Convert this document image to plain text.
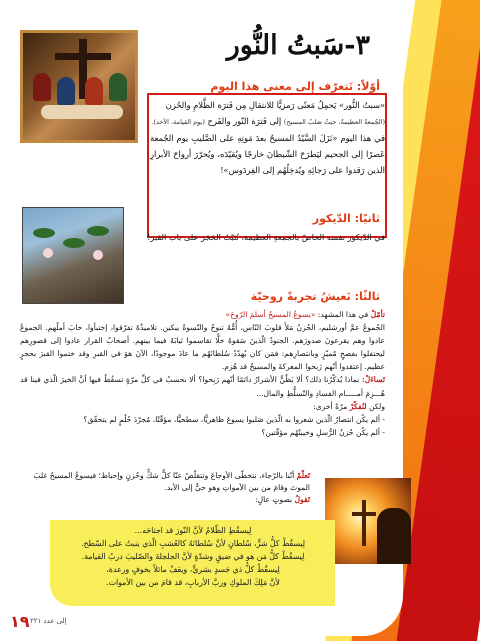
٣-سَبتُ النُّور
أوّلاً: تَتعرّف إلى معنى هذا اليوم
«سبتُ النُّور» يَحمِلُ مَعنًى رَمزيًّا للانتقالِ مِن فَترَة الظَّلامِ والحُزن
(الجُمعةُ العظيمةُ، حيثُ صَلبُ المسيح) إلى فَترَة النّور والفَرح (يوم القيامة، الأحد).
في هذا اليوم «نَزَلَ السَّيّدُ المسيحُ بعدَ مَوتِهِ على الصَّليبِ يوم الجُمعة عَصرًا إلى الجحيم ليَطرَحَ الشّيطانَ خارجًا ويُقيّدَه، ويُحرّرَ أرواحَ الأبرارِ الذين رَقدوا على رَجائِهِ ويُدخِلُهُم إلى الفِردَوس»!
ثانيًا: الدّيكور
في الدّيكور نفسه الخاصّ بالجمعةِ العظيمة، نُثبّتُ الحَجَرَ على باب القبر!
ثالثًا: نَعيشُ تجربةً روحيّة
تأمّلْ في هذا المشهد: «يسوعُ المسيحُ أسلمَ الرّوحَ»
الجُموعُ عمَّ أورشليم، الحُزنُ مَلأَ قلوبَ النّاس، أُمُّهُ تنوحُ والنّسوةُ يبكين. تلاميذُهُ تفرّقوا، إختبأوا، خابَ أملُهم. الجموعُ عادوا وهم يقرعونَ صدورَهم. الجنودُ الّذينَ سَقوهُ خلًّا تقاسموا ثيابَهُ فيما بينهم. أصحابُ القرار عادوا إلى قصورِهم ليحتفلوا بفصحٍ مُميّزٍ وبانتصارِهم: فمَن كان يُهدّدُ سُلطانَهُم ما عادَ موجودًا، الآنَ هوَ في القبرِ وقد ختموا القبرَ بحجرٍ عظيم. إعتقدوا أنّهم رَبحوا المعركةَ والمسيحُ قد هُزم.
تَساءَلْ: بماذا يُذكّرُنا ذلك؟ ألا يَظُنُّ الأشرارُ دائمًا أنّهم رَبِحوا؟ ألا نحسبُ في كلِّ مرّةٍ تسقُطُ فيها أنَّ الخيرَ الّذي فينا قد هُـــزِمَ أمـــــام الفسادِ والتّسلُّطِ والمال...
ولكن لنُفكّرْ مرّةً أخرى:
- ألم يكُن انتصارُ الّذين شعروا به الّذين صَلبوا يسوعَ ظاهريًّا، سطحيًّا، مؤقّتًا، مُجرّدَ حُلُمٍ لم يتحقّق؟
- ألم يكُن حُزنُ الرُّسلِ وخيبتُهُم مؤقّتين؟
تَعلّمْ أنّنا بالرّجاء، نتخطّى الأوجاعَ وتتقلّصُ عنّا كلُّ شكٍّ وحُزنٍ وإحباط؛ فيسوعُ المسيحُ غلبَ الموتَ وقامَ من بين الأمواتِ وهو حيٌّ إلى الأبد.
تَقولُ بصوتٍ عالٍ:
لِيسقُطِ الظّلامُ لأنَّ النّورَ قد اجتاحَه...
لِيسقُطْ كلُّ شرٍّ، سُلطانٍ لأنَّ سُلطانَهُ كالعُشبِ الّذي ينبتُ على السّطح.
لِيسقُطْ كلُّ مَن هو في ضيقٍ وشدّةٍ لأنَّ الجلجلةَ والصّليبَ دربُ القيامة.
لِيسقُطْ كلُّ ذي جَسدٍ بشريٍّ، ويقفْ مائلاً بخوفٍ ورعدة،
لأنَّ مَلِكَ الملوكِ وربَّ الأربابِ، قد قامَ من بين الأموات.
١٩ إلى عدد ٢٢١
